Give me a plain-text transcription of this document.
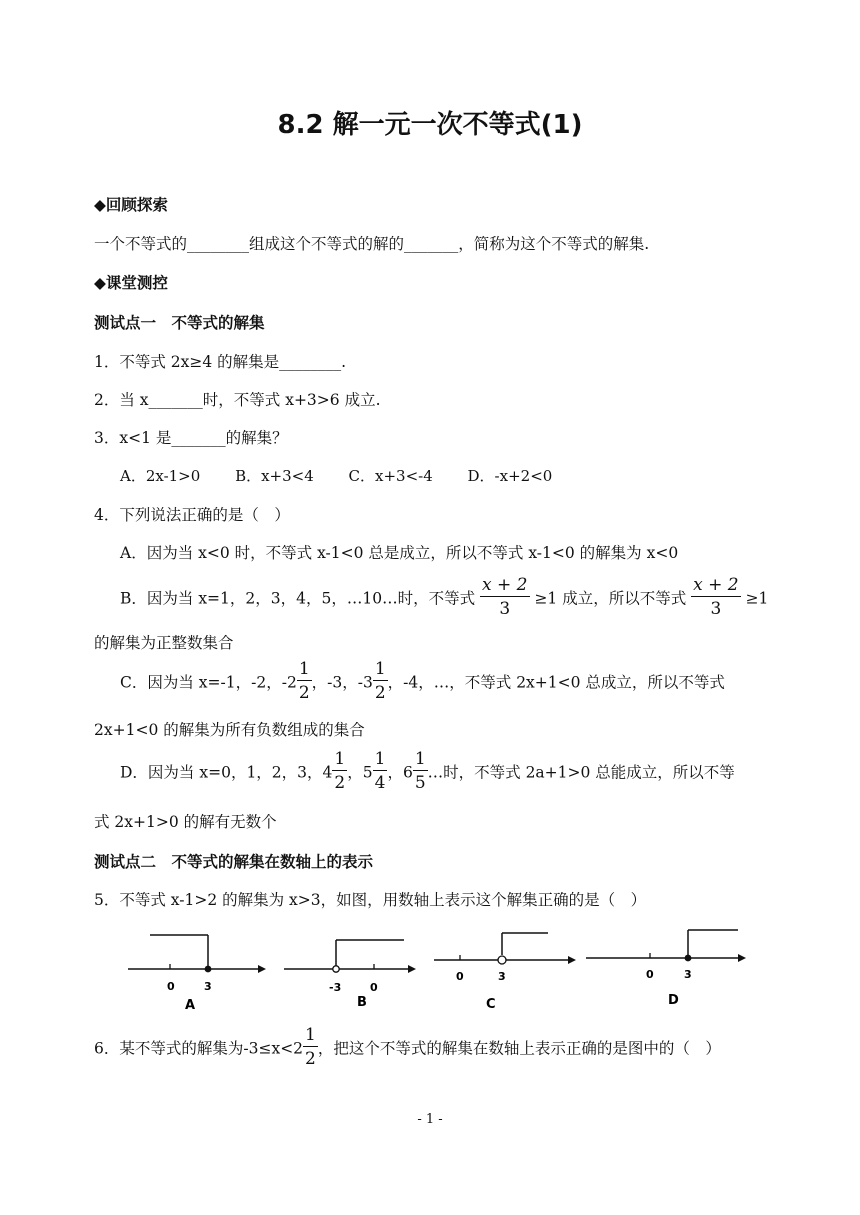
8.2 解一元一次不等式(1)
◆回顾探索
一个不等式的________组成这个不等式的解的_______，简称为这个不等式的解集.
◆课堂测控
测试点一　不等式的解集
1．不等式 2x≥4 的解集是________.
2．当 x_______时，不等式 x+3>6 成立.
3．x<1 是_______的解集？
A．2x-1>0　　 B．x+3<4　　 C．x+3<-4　　 D．-x+2<0
4．下列说法正确的是（　）
A．因为当 x<0 时，不等式 x-1<0 总是成立，所以不等式 x-1<0 的解集为 x<0
B．因为当 x=1，2，3，4，5，…10…时，不等式 $\frac{x + 2}{3} \ge 1$ 成立，所以不等式 $\frac{x + 2}{3} \ge 1$
的解集为正整数集合
C．因为当 x=-1，-2，$-2 \frac{1}{2}$ ，-3，$-3 \frac{1}{2}$ ，-4，…，不等式 2x+1<0 总成立，所以不等式
2x+1<0 的解集为所有负数组成的集合
D．因为当 x=0，1，2，3，$4 \frac{1}{2}$ ，$5 \frac{1}{4}$ ，$6 \frac{1}{5}$ …时，不等式 2a+1>0 总能成立，所以不等
式 2x+1>0 的解有无数个
测试点二　不等式的解集在数轴上的表示
5．不等式 x-1>2 的解集为 x>3，如图，用数轴上表示这个解集正确的是（　）
0	3
A
-3	0
B
0	3
C
0	3
D
6．某不等式的解集为$-3\le x<2 \frac{1}{2}$ ，把这个不等式的解集在数轴上表示正确的是图中的（　）
- 1 -
